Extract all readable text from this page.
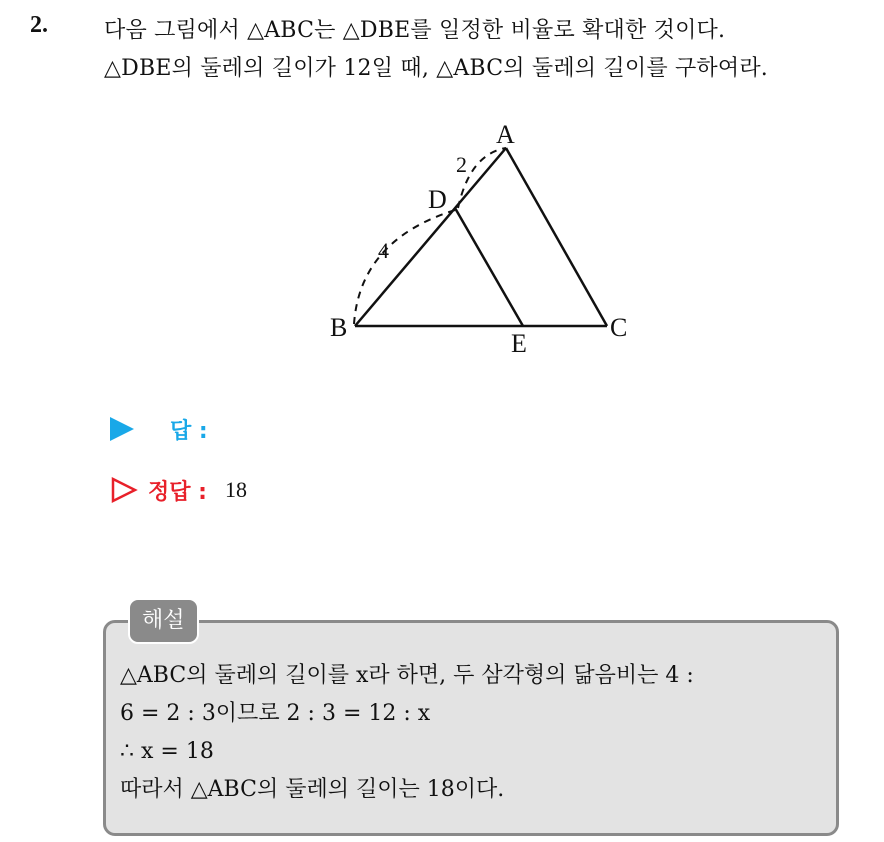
2.	다음 그림에서 △ABC는 △DBE를 일정한 비율로 확대한 것이다.
△DBE의 둘레의 길이가 12일 때, △ABC의 둘레의 길이를 구하여라.
A
B	C
D
E
2
4
답 :
정답 : 18
해설
△ABC의 둘레의 길이를 x라 하면, 두 삼각형의 닮음비는 4 :
6 = 2 : 3이므로 2 : 3 = 12 : x
∴ x = 18
따라서 △ABC의 둘레의 길이는 18이다.
